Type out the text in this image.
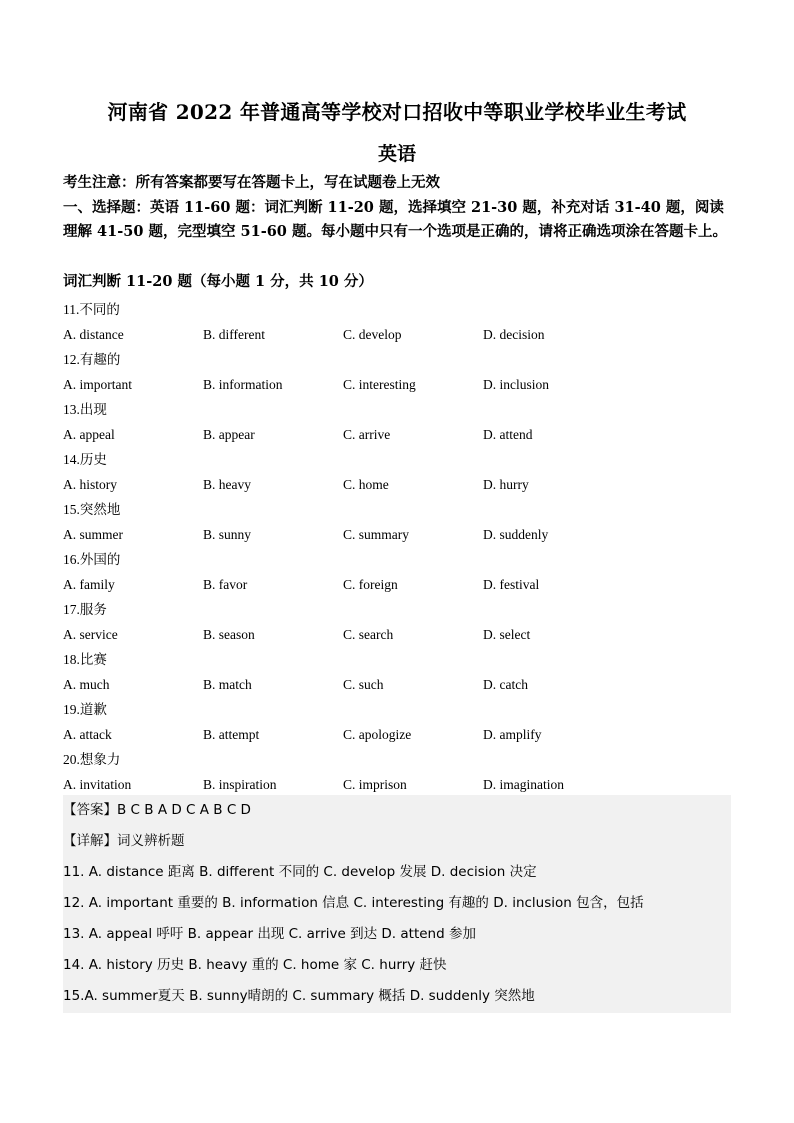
河南省 2022 年普通高等学校对口招收中等职业学校毕业生考试
英语
考生注意：所有答案都要写在答题卡上，写在试题卷上无效
一、选择题：英语 11-60 题：词汇判断 11-20 题，选择填空 21-30 题，补充对话 31-40 题，阅读理解 41-50 题，完型填空 51-60 题。每小题中只有一个选项是正确的，请将正确选项涂在答题卡上。
词汇判断 11-20 题（每小题 1 分，共 10 分）
11.不同的
A. distance	B. different	C. develop	D. decision
12.有趣的
A. important	B. information	C. interesting	D. inclusion
13.出现
A. appeal	B. appear	C. arrive	D. attend
14.历史
A. history	B. heavy	C. home	D. hurry
15.突然地
A. summer	B. sunny	C. summary	D. suddenly
16.外国的
A. family	B. favor	C. foreign	D. festival
17.服务
A. service	B. season	C. search	D. select
18.比赛
A. much	B. match	C. such	D. catch
19.道歉
A. attack	B. attempt	C. apologize	D. amplify
20.想象力
A. invitation	B. inspiration	C. imprison	D. imagination
【答案】B C B A D C A B C D
【详解】词义辨析题
11. A. distance 距离 B. different 不同的 C. develop 发展 D. decision 决定
12. A. important 重要的 B. information 信息 C. interesting 有趣的 D. inclusion 包含，包括
13. A. appeal 呼吁 B. appear 出现 C. arrive 到达 D. attend 参加
14. A. history 历史 B. heavy 重的 C. home 家 C. hurry 赶快
15.A. summer夏天 B. sunny晴朗的 C. summary 概括 D. suddenly 突然地
